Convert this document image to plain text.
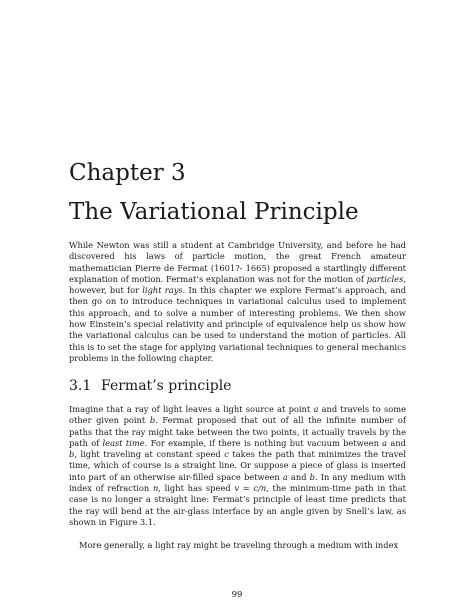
Chapter 3
The Variational Principle
While Newton was still a student at Cambridge University, and before he had discovered his laws of particle motion, the great French amateur mathematician Pierre de Fermat (1601?- 1665) proposed a startlingly different explanation of motion. Fermat’s explanation was not for the motion of particles, however, but for light rays. In this chapter we explore Fermat’s approach, and then go on to introduce techniques in variational calculus used to implement this approach, and to solve a number of interesting problems. We then show how Einstein’s special relativity and principle of equivalence help us show how the variational calculus can be used to understand the motion of particles. All this is to set the stage for applying variational techniques to general mechanics problems in the following chapter.
3.1 Fermat’s principle
Imagine that a ray of light leaves a light source at point a and travels to some other given point b. Fermat proposed that out of all the infinite number of paths that the ray might take between the two points, it actually travels by the path of least time. For example, if there is nothing but vacuum between a and b, light traveling at constant speed c takes the path that minimizes the travel time, which of course is a straight line. Or suppose a piece of glass is inserted into part of an otherwise air-filled space between a and b. In any medium with index of refraction n, light has speed v = c/n, the minimum-time path in that case is no longer a straight line: Fermat’s principle of least time predicts that the ray will bend at the air-glass interface by an angle given by Snell’s law, as shown in Figure 3.1.
More generally, a light ray might be traveling through a medium with index
99
